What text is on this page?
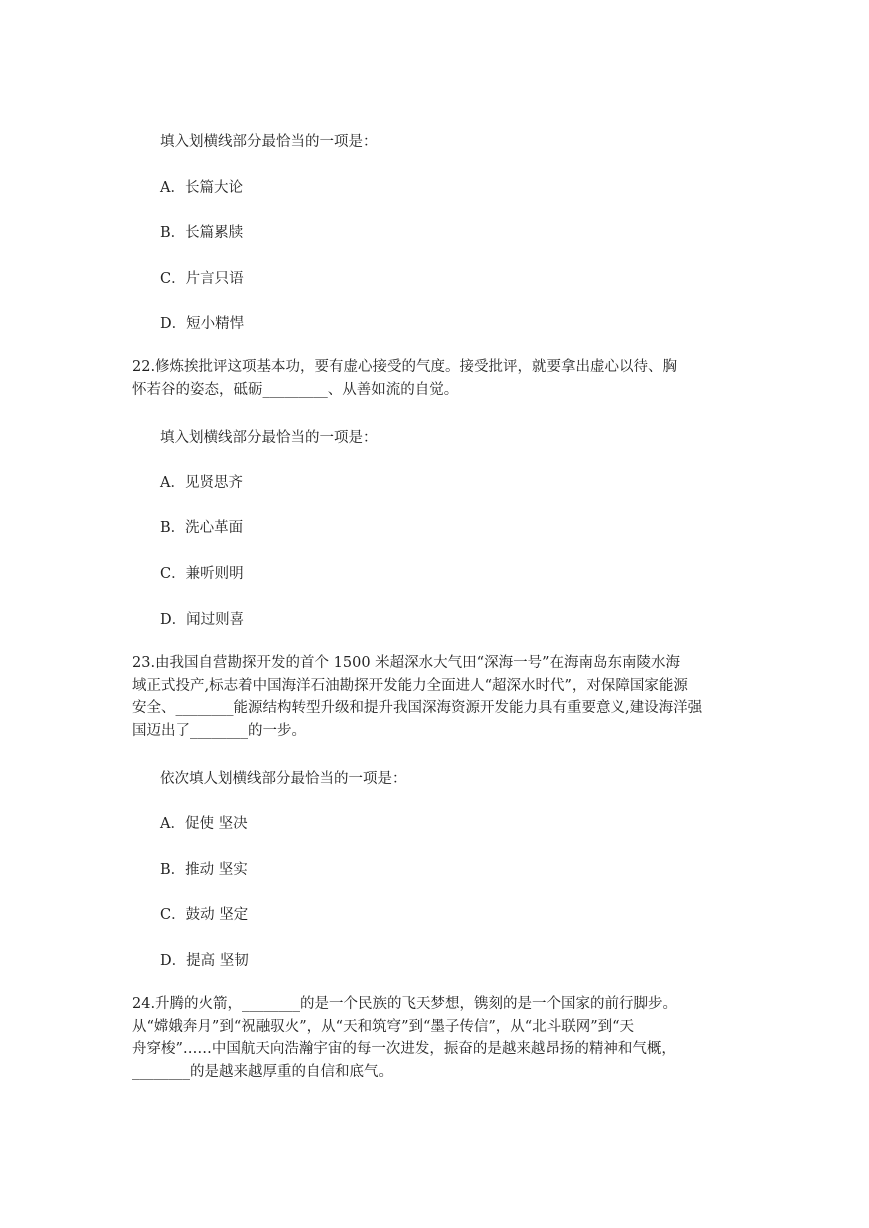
填入划横线部分最恰当的一项是：
A．长篇大论
B．长篇累牍
C．片言只语
D．短小精悍

22.修炼挨批评这项基本功，要有虚心接受的气度。接受批评，就要拿出虚心以待、胸

怀若谷的姿态，砥砺_________、从善如流的自觉。

填入划横线部分最恰当的一项是：
A．见贤思齐
B．洗心革面
C．兼听则明
D．闻过则喜

23.由我国自营勘探开发的首个 1500 米超深水大气田“深海一号”在海南岛东南陵水海

域正式投产,标志着中国海洋石油勘探开发能力全面进人“超深水时代”，对保障国家能源

安全、________能源结构转型升级和提升我国深海资源开发能力具有重要意义,建设海洋强

国迈出了________的一步。

依次填人划横线部分最恰当的一项是：
A．促使 坚决
B．推动 坚实
C．鼓动 坚定
D．提高 坚韧

24.升腾的火箭，________的是一个民族的飞天梦想，镌刻的是一个国家的前行脚步。

从“嫦娥奔月”到“祝融驭火”，从“天和筑穹”到“墨子传信”，从“北斗联网”到“天

舟穿梭”……中国航天向浩瀚宇宙的每一次进发，振奋的是越来越昂扬的精神和气概，

________的是越来越厚重的自信和底气。
